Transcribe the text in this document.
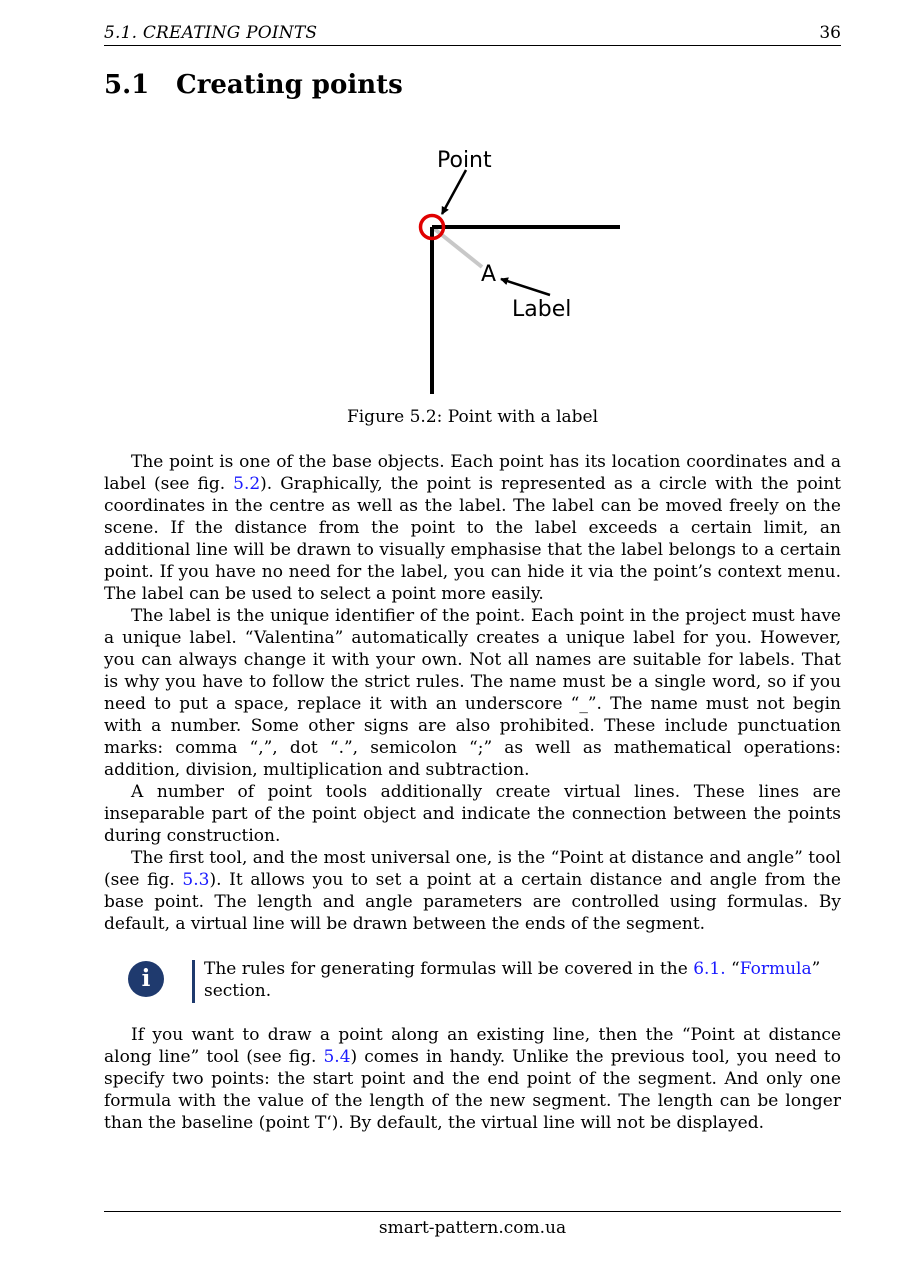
5.1. CREATING POINTS	36
5.1 Creating points
Point
A
Label
Figure 5.2: Point with a label

The point is one of the base objects. Each point has its location coordinates and a label (see fig. 5.2). Graphically, the point is represented as a circle with the point coordinates in the centre as well as the label. The label can be moved freely on the scene. If the distance from the point to the label exceeds a certain limit, an additional line will be drawn to visually emphasise that the label belongs to a certain point. If you have no need for the label, you can hide it via the point’s context menu. The label can be used to select a point more easily.

The label is the unique identifier of the point. Each point in the project must have a unique label. “Valentina” automatically creates a unique label for you. However, you can always change it with your own. Not all names are suitable for labels. That is why you have to follow the strict rules. The name must be a single word, so if you need to put a space, replace it with an underscore “_”. The name must not begin with a number. Some other signs are also prohibited. These include punctuation marks: comma “,”, dot “.”, semicolon “;” as well as mathematical operations: addition, division, multiplication and subtraction.

A number of point tools additionally create virtual lines. These lines are inseparable part of the point object and indicate the connection between the points during construction.

The first tool, and the most universal one, is the “Point at distance and angle” tool (see fig. 5.3). It allows you to set a point at a certain distance and angle from the base point. The length and angle parameters are controlled using formulas. By default, a virtual line will be drawn between the ends of the segment.

i	The rules for generating formulas will be covered in the 6.1. “Formula” section.

If you want to draw a point along an existing line, then the “Point at distance along line” tool (see fig. 5.4) comes in handy. Unlike the previous tool, you need to specify two points: the start point and the end point of the segment. And only one formula with the value of the length of the new segment. The length can be longer than the baseline (point T‘). By default, the virtual line will not be displayed.

smart-pattern.com.ua
